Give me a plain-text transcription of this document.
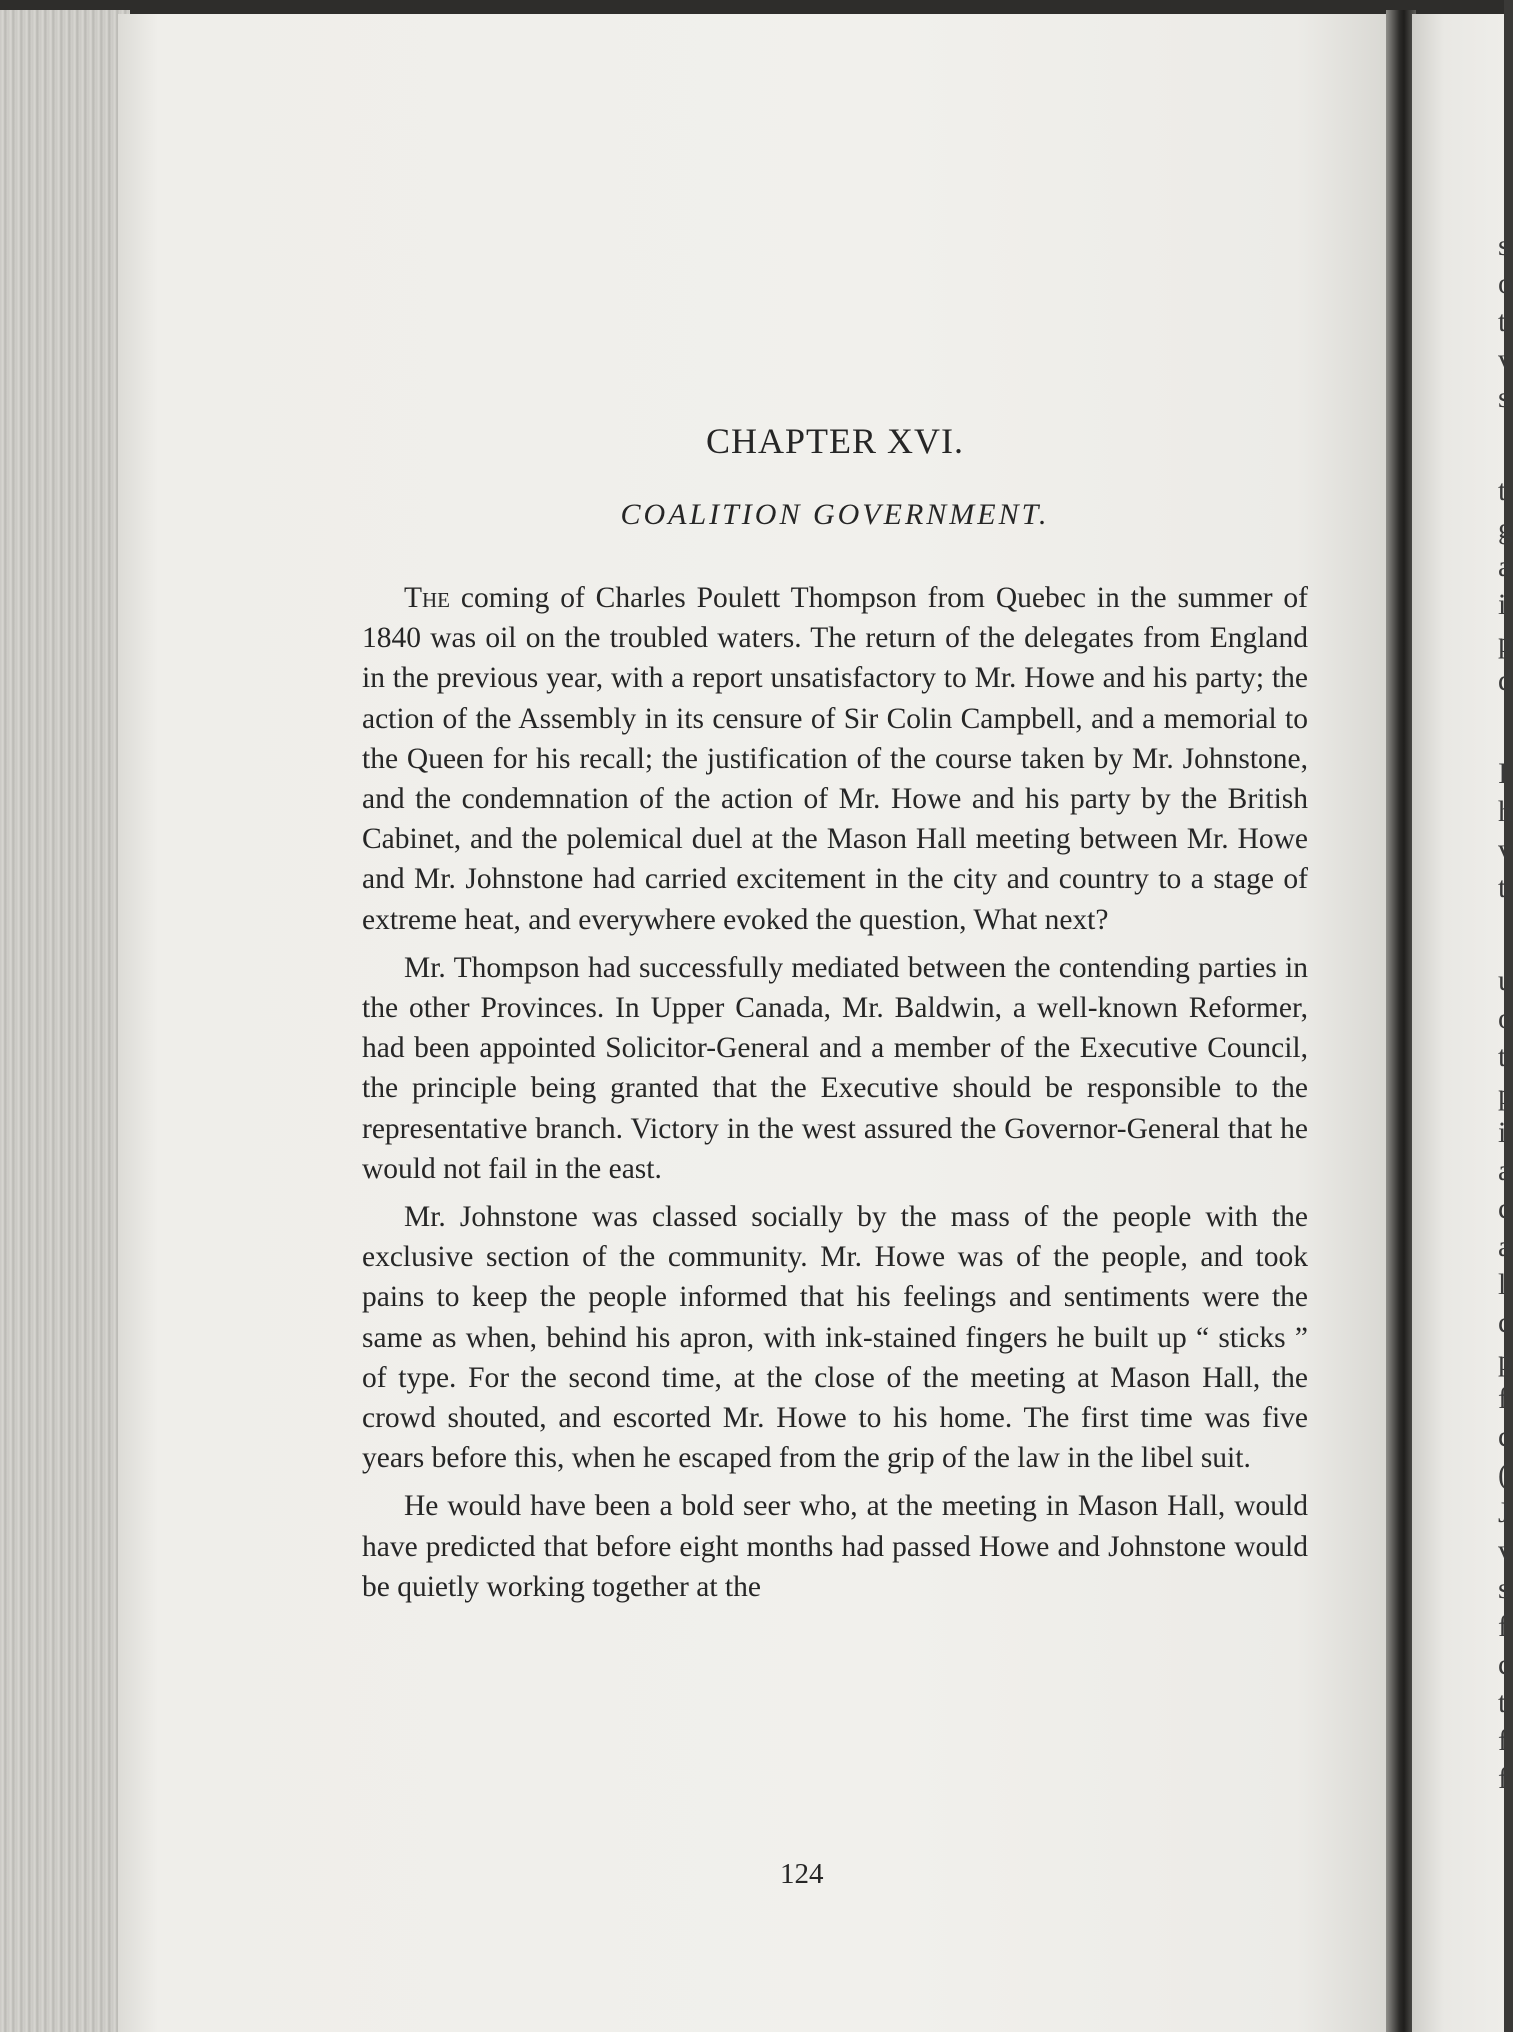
s
o
t
v
s
t
g
a
i
p
d
I
h
v
t
u
o
t
p
i
a
c
a
l
c
p
f
c
(
J
v
s
f
c
t
f
f
CHAPTER XVI.
COALITION GOVERNMENT.

The coming of Charles Poulett Thompson from Quebec in the summer of 1840 was oil on the troubled waters. The return of the delegates from England in the previous year, with a report unsatisfactory to Mr. Howe and his party; the action of the Assembly in its censure of Sir Colin Campbell, and a memorial to the Queen for his recall; the justification of the course taken by Mr. Johnstone, and the condemnation of the action of Mr. Howe and his party by the British Cabinet, and the polemical duel at the Mason Hall meeting between Mr. Howe and Mr. Johnstone had carried excitement in the city and country to a stage of extreme heat, and everywhere evoked the question, What next?

Mr. Thompson had successfully mediated between the contending parties in the other Provinces. In Upper Canada, Mr. Baldwin, a well-known Reformer, had been appointed Solicitor-General and a member of the Executive Council, the principle being granted that the Executive should be responsible to the representative branch. Victory in the west assured the Governor-General that he would not fail in the east.

Mr. Johnstone was classed socially by the mass of the people with the exclusive section of the community. Mr. Howe was of the people, and took pains to keep the people informed that his feelings and sentiments were the same as when, behind his apron, with ink-stained fingers he built up “ sticks ” of type. For the second time, at the close of the meeting at Mason Hall, the crowd shouted, and escorted Mr. Howe to his home. The first time was five years before this, when he escaped from the grip of the law in the libel suit.

He would have been a bold seer who, at the meeting in Mason Hall, would have predicted that before eight months had passed Howe and Johnstone would be quietly working together at the

124
